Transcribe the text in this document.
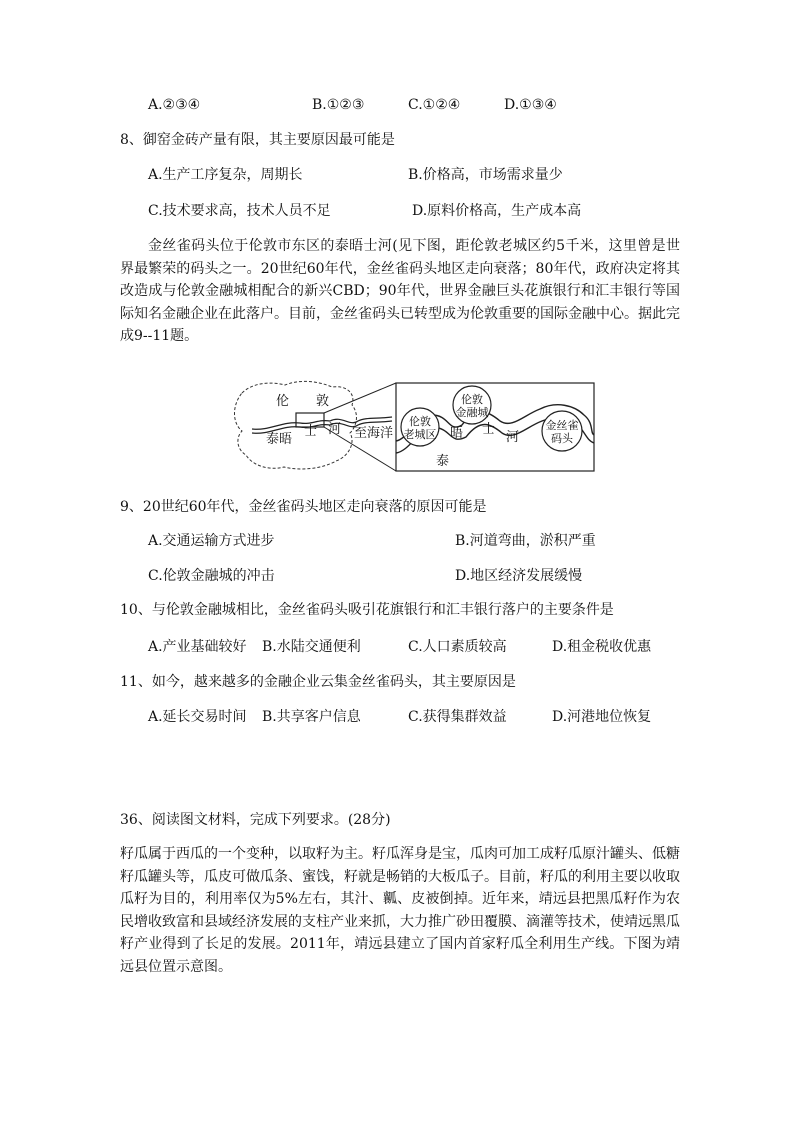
A.②③④	B.①②③	C.①②④	D.①③④
8、御窑金砖产量有限，其主要原因最可能是
A.生产工序复杂，周期长	B.价格高，市场需求量少
C.技术要求高，技术人员不足	D.原料价格高，生产成本高
金丝雀码头位于伦敦市东区的泰晤士河(见下图，距伦敦老城区约5千米，这里曾是世界最繁荣的码头之一。20世纪60年代，金丝雀码头地区走向衰落；80年代，政府决定将其改造成与伦敦金融城相配合的新兴CBD；90年代，世界金融巨头花旗银行和汇丰银行等国际知名金融企业在此落户。目前，金丝雀码头已转型成为伦敦重要的国际金融中心。据此完成9--11题。
伦 敦
泰晤
士 河 至海洋
伦敦
老城区
伦敦
金融城
金丝雀
码头
晤 士
河
泰
9、20世纪60年代，金丝雀码头地区走向衰落的原因可能是
A.交通运输方式进步	B.河道弯曲，淤积严重
C.伦敦金融城的冲击	D.地区经济发展缓慢
10、与伦敦金融城相比，金丝雀码头吸引花旗银行和汇丰银行落户的主要条件是
A.产业基础较好 B.水陆交通便利	C.人口素质较高	D.租金税收优惠
11、如今，越来越多的金融企业云集金丝雀码头，其主要原因是
A.延长交易时间 B.共享客户信息	C.获得集群效益	D.河港地位恢复
36、阅读图文材料，完成下列要求。(28分)
籽瓜属于西瓜的一个变种，以取籽为主。籽瓜浑身是宝，瓜肉可加工成籽瓜原汁罐头、低糖籽瓜罐头等，瓜皮可做瓜条、蜜饯，籽就是畅销的大板瓜子。目前，籽瓜的利用主要以收取瓜籽为目的，利用率仅为5%左右，其汁、瓤、皮被倒掉。近年来，靖远县把黑瓜籽作为农民增收致富和县域经济发展的支柱产业来抓，大力推广砂田覆膜、滴灌等技术，使靖远黑瓜籽产业得到了长足的发展。2011年，靖远县建立了国内首家籽瓜全利用生产线。下图为靖远县位置示意图。
